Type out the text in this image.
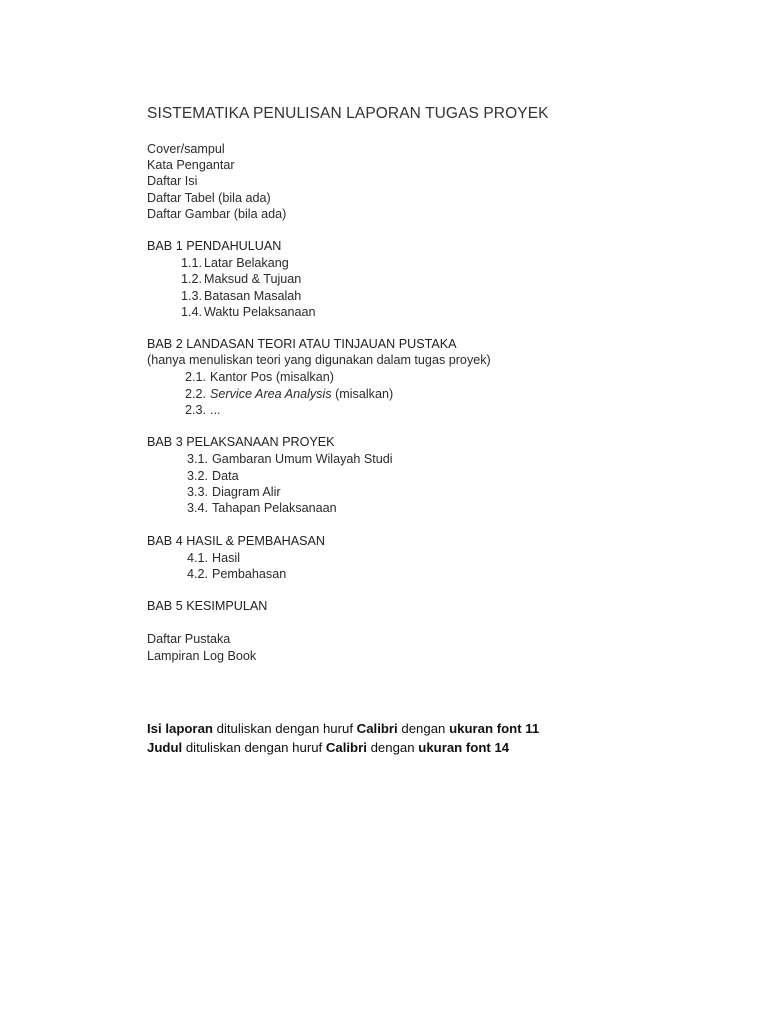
SISTEMATIKA PENULISAN LAPORAN TUGAS PROYEK
Cover/sampul
Kata Pengantar
Daftar Isi
Daftar Tabel (bila ada)
Daftar Gambar (bila ada)
BAB 1 PENDAHULUAN
1.1. Latar Belakang
1.2. Maksud & Tujuan
1.3. Batasan Masalah
1.4. Waktu Pelaksanaan
BAB 2 LANDASAN TEORI ATAU TINJAUAN PUSTAKA
(hanya menuliskan teori yang digunakan dalam tugas proyek)
2.1. Kantor Pos (misalkan)
2.2. Service Area Analysis (misalkan)
2.3. ...
BAB 3 PELAKSANAAN PROYEK
3.1. Gambaran Umum Wilayah Studi
3.2. Data
3.3. Diagram Alir
3.4. Tahapan Pelaksanaan
BAB 4 HASIL & PEMBAHASAN
4.1. Hasil
4.2. Pembahasan
BAB 5 KESIMPULAN
Daftar Pustaka
Lampiran Log Book
Isi laporan dituliskan dengan huruf Calibri dengan ukuran font 11
Judul dituliskan dengan huruf Calibri dengan ukuran font 14
